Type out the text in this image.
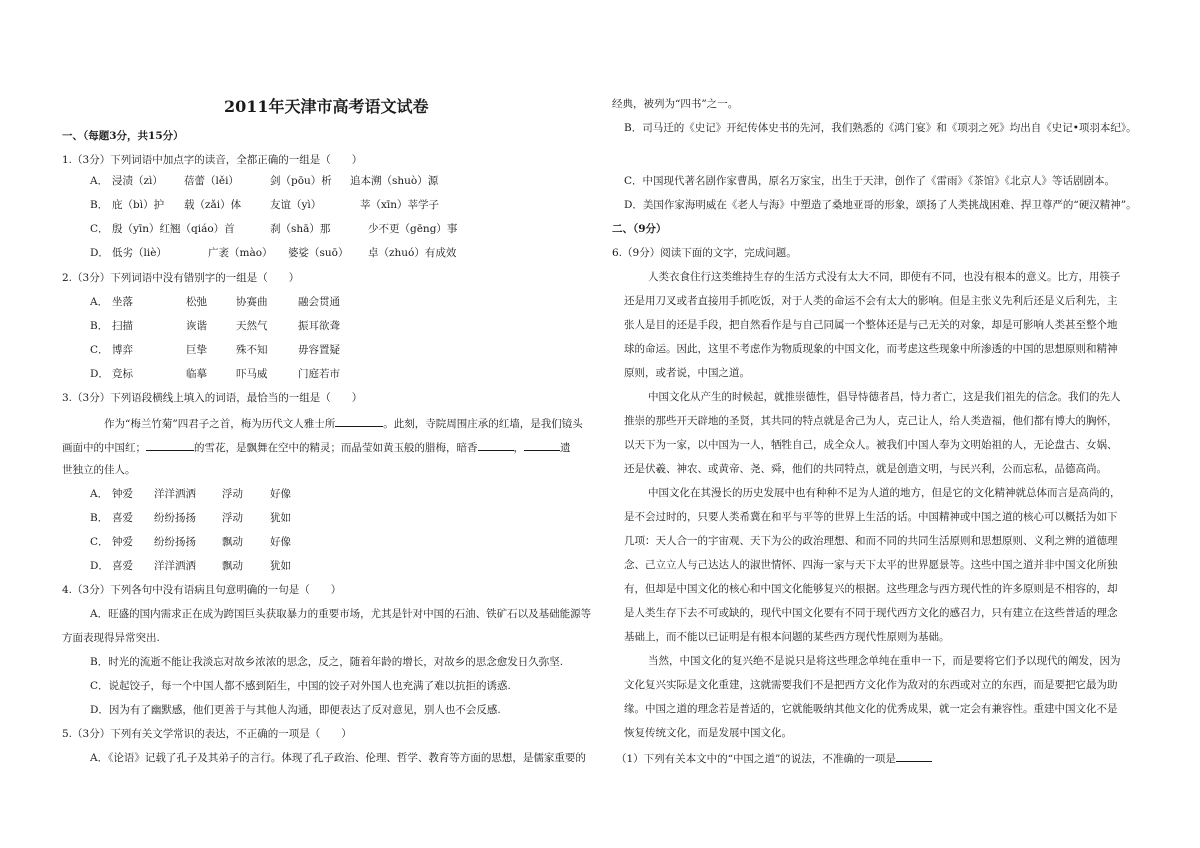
2011年天津市高考语文试卷
一、（每题3分，共15分）
1.（3分）下列词语中加点字的读音，全都正确的一组是（　　）
A． 浸渍（zì） 蓓蕾（lěi）	剑（pōu）析 追本溯（shuò）源
B． 庇（bì）护 载（zǎi）体	友谊（yì）	莘（xīn）莘学子
C． 殷（yīn）红 翘（qiáo）首	刹（shā）那	少不更（gēng）事
D． 低劣（liè）	广袤（mào） 婆娑（suō） 卓（zhuó）有成效
2.（3分）下列词语中没有错别字的一组是（　　）
A． 坐落	松弛	协赛曲	融会贯通
B． 扫描	诙谐	天然气	振耳欲聋
C． 博弈	巨挚	殊不知	毋容置疑
D． 竞标	临摹	吓马威	门庭若市
3.（3分）下列语段横线上填入的词语，最恰当的一组是（　　）
作为“梅兰竹菊”四君子之首，梅为历代文人雅士所	。此刻，寺院周围庄承的红墙，是我们镜头
画面中的中国红；	的雪花，是飘舞在空中的精灵；而晶莹如黄玉般的腊梅，暗香	，	遗
世独立的佳人。
A． 钟爱 洋洋洒洒 浮动	好像
B． 喜爱 纷纷扬扬 浮动	犹如
C． 钟爱 纷纷扬扬 飘动	好像
D． 喜爱 洋洋洒洒 飘动	犹如
4.（3分）下列各句中没有语病且句意明确的一句是（　　）
A．旺盛的国内需求正在成为跨国巨头获取暴力的重要市场，尤其是针对中国的石油、铁矿石以及基础能源等
方面表现得异常突出.
B．时光的流逝不能让我淡忘对故乡浓浓的思念，反之，随着年龄的增长，对故乡的思念愈发日久弥坚.
C．说起饺子，每一个中国人都不感到陌生，中国的饺子对外国人也充满了难以抗拒的诱惑.
D．因为有了幽默感，他们更善于与其他人沟通，即便表达了反对意见，别人也不会反感.
5.（3分）下列有关文学常识的表达，不正确的一项是（　　）
A．《论语》记载了孔子及其弟子的言行。体现了孔子政治、伦理、哲学、教育等方面的思想，是儒家重要的
经典，被列为“四书”之一。
B．司马迁的《史记》开纪传体史书的先河，我们熟悉的《鸿门宴》和《项羽之死》均出自《史记•项羽本纪》。
C．中国现代著名剧作家曹禺，原名万家宝，出生于天津，创作了《雷雨》《茶馆》《北京人》等话剧剧本。
D．美国作家海明威在《老人与海》中塑造了桑地亚哥的形象，颂扬了人类挑战困难、捍卫尊严的“硬汉精神”。
二、（9分）
6.（9分）阅读下面的文字，完成问题。
人类衣食住行这类维持生存的生活方式没有太大不同，即使有不同，也没有根本的意义。比方，用筷子
还是用刀叉或者直接用手抓吃饭，对于人类的命运不会有太大的影响。但是主张义先利后还是义后利先，主
张人是目的还是手段，把自然看作是与自己同属一个整体还是与己无关的对象，却是可影响人类甚至整个地
球的命运。因此，这里不考虑作为物质现象的中国文化，而考虑这些现象中所渗透的中国的思想原则和精神
原则，或者说，中国之道。
中国文化从产生的时候起，就推崇德性，倡导恃德者昌，恃力者亡，这是我们祖先的信念。我们的先人
推崇的那些开天辟地的圣贤，其共同的特点就是舍己为人，克己让人，给人类造福，他们都有博大的胸怀，
以天下为一家，以中国为一人，牺牲自己，成全众人。被我们中国人奉为文明始祖的人，无论盘古、女娲、
还是伏羲、神农、或黄帝、尧、舜，他们的共同特点，就是创造文明，与民兴利，公而忘私，品德高尚。
中国文化在其漫长的历史发展中也有种种不足为人道的地方，但是它的文化精神就总体而言是高尚的，
是不会过时的，只要人类希冀在和平与平等的世界上生活的话。中国精神或中国之道的核心可以概括为如下
几项：天人合一的宇宙观、天下为公的政治理想、和而不同的共同生活原则和思想原则、义利之辨的道德理
念、己立立人与己达达人的淑世情怀、四海一家与天下太平的世界愿景等。这些中国之道并非中国文化所独
有，但却是中国文化的核心和中国文化能够复兴的根据。这些理念与西方现代性的许多原则是不相容的，却
是人类生存下去不可或缺的，现代中国文化要有不同于现代西方文化的感召力，只有建立在这些普适的理念
基础上，而不能以已证明是有根本问题的某些西方现代性原则为基础。
当然，中国文化的复兴绝不是说只是将这些理念单纯在重申一下，而是要将它们予以现代的阐发，因为
文化复兴实际是文化重建，这就需要我们不是把西方文化作为敌对的东西或对立的东西，而是要把它最为助
缘。中国之道的理念若是普适的，它就能吸纳其他文化的优秀成果，就一定会有兼容性。重建中国文化不是
恢复传统文化，而是发展中国文化。
（1）下列有关本文中的“中国之道”的说法，不准确的一项是
